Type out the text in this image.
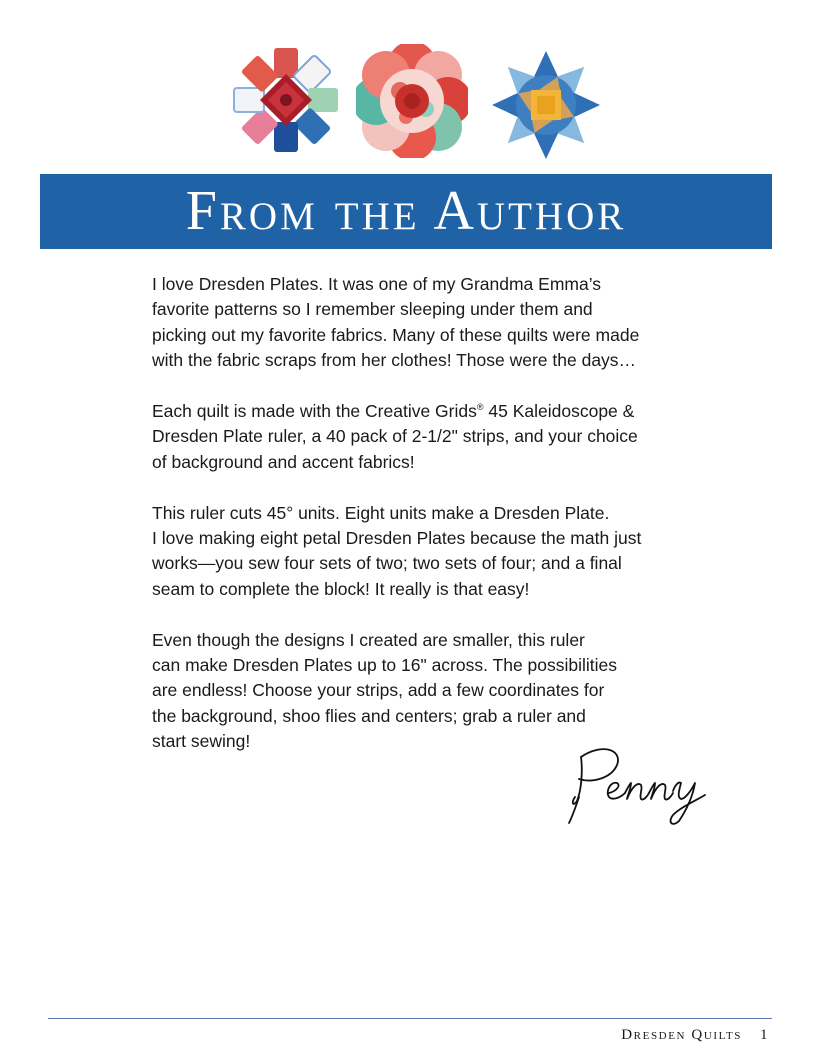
From the Author

I love Dresden Plates. It was one of my Grandma Emma’s
favorite patterns so I remember sleeping under them and
picking out my favorite fabrics. Many of these quilts were made
with the fabric scraps from her clothes! Those were the days…

Each quilt is made with the Creative Grids® 45 Kaleidoscope &
Dresden Plate ruler, a 40 pack of 2-1/2" strips, and your choice
of background and accent fabrics!

This ruler cuts 45° units. Eight units make a Dresden Plate.
I love making eight petal Dresden Plates because the math just
works—you sew four sets of two; two sets of four; and a final
seam to complete the block! It really is that easy!

Even though the designs I created are smaller, this ruler
can make Dresden Plates up to 16" across. The possibilities
are endless! Choose your strips, add a few coordinates for
the background, shoo flies and centers; grab a ruler and
start sewing!

Dresden Quilts 1
